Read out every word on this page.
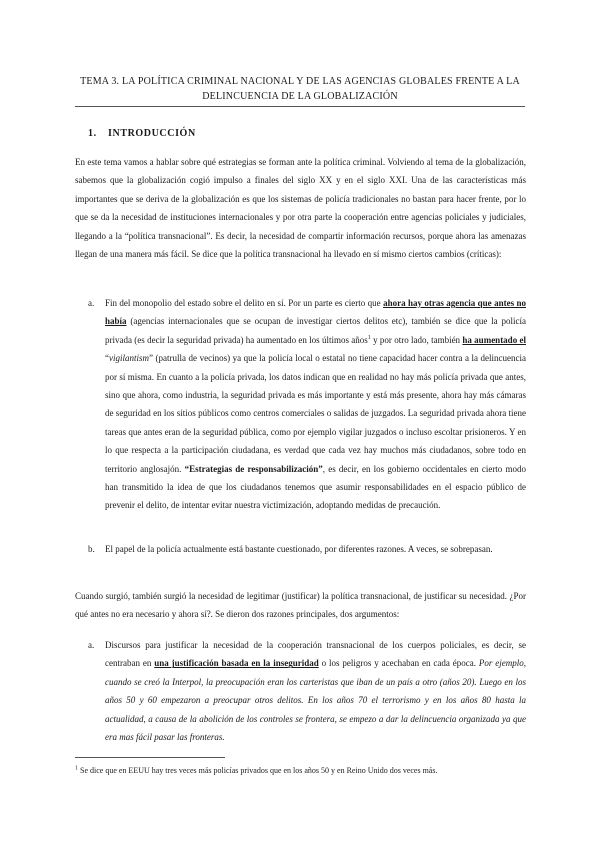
TEMA 3. LA POLÍTICA CRIMINAL NACIONAL Y DE LAS AGENCIAS GLOBALES FRENTE A LA
DELINCUENCIA DE LA GLOBALIZACIÓN
1. INTRODUCCIÓN
En este tema vamos a hablar sobre qué estrategias se forman ante la política criminal. Volviendo al tema de la globalización, sabemos que la globalización cogió impulso a finales del siglo XX y en el siglo XXI. Una de las características más importantes que se deriva de la globalización es que los sistemas de policía tradicionales no bastan para hacer frente, por lo que se da la necesidad de instituciones internacionales y por otra parte la cooperación entre agencias policiales y judiciales, llegando a la “política transnacional”. Es decir, la necesidad de compartir información recursos, porque ahora las amenazas llegan de una manera más fácil. Se dice que la política transnacional ha llevado en sí mismo ciertos cambios (críticas):
a.	Fin del monopolio del estado sobre el delito en sí. Por un parte es cierto que ahora hay otras agencia que antes no había (agencias internacionales que se ocupan de investigar ciertos delitos etc), también se dice que la policía privada (es decir la seguridad privada) ha aumentado en los últimos años$^1$ y por otro lado, también ha aumentado el “vigilantism” (patrulla de vecinos) ya que la policía local o estatal no tiene capacidad hacer contra a la delincuencia por sí misma. En cuanto a la policía privada, los datos indican que en realidad no hay más policía privada que antes, sino que ahora, como industria, la seguridad privada es más importante y está más presente, ahora hay más cámaras de seguridad en los sitios públicos como centros comerciales o salidas de juzgados. La seguridad privada ahora tiene tareas que antes eran de la seguridad pública, como por ejemplo vigilar juzgados o incluso escoltar prisioneros. Y en lo que respecta a la participación ciudadana, es verdad que cada vez hay muchos más ciudadanos, sobre todo en territorio anglosajón. “Estrategias de responsabilización”, es decir, en los gobierno occidentales en cierto modo han transmitido la idea de que los ciudadanos tenemos que asumir responsabilidades en el espacio público de prevenir el delito, de intentar evitar nuestra victimización, adoptando medidas de precaución.
b.	El papel de la policía actualmente está bastante cuestionado, por diferentes razones. A veces, se sobrepasan.
Cuando surgió, también surgió la necesidad de legitimar (justificar) la política transnacional, de justificar su necesidad. ¿Por qué antes no era necesario y ahora sí?. Se dieron dos razones principales, dos argumentos:
a.	Discursos para justificar la necesidad de la cooperación transnacional de los cuerpos policiales, es decir, se centraban en una justificación basada en la inseguridad o los peligros y acechaban en cada época. Por ejemplo, cuando se creó la Interpol, la preocupación eran los carteristas que iban de un país a otro (años 20). Luego en los años 50 y 60 empezaron a preocupar otros delitos. En los años 70 el terrorismo y en los años 80 hasta la actualidad, a causa de la abolición de los controles se frontera, se empezo a dar la delincuencia organizada ya que era mas fácil pasar las fronteras.
$^1$ Se dice que en EEUU hay tres veces más policías privados que en los años 50 y en Reino Unido dos veces más.
